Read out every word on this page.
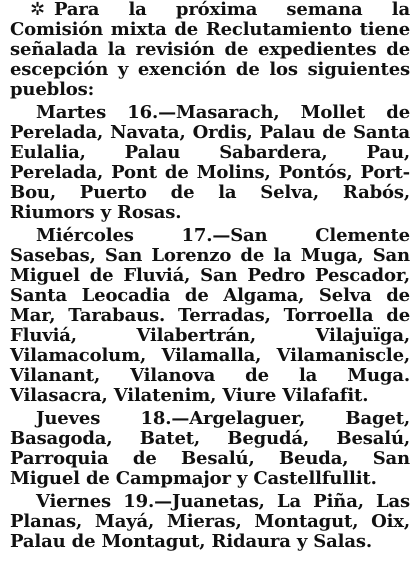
✲ Para la próxima semana la Comisión mixta de Reclutamiento tiene señalada la revisión de expedientes de escepción y exención de los siguientes pueblos:

Martes 16.—Masarach, Mollet de Perelada, Navata, Ordis, Palau de Santa Eulalia, Palau Sabardera, Pau, Perelada, Pont de Molins, Pontós, Port-Bou, Puerto de la Selva, Rabós, Riumors y Rosas.

Miércoles 17.—San Clemente Sasebas, San Lorenzo de la Muga, San Miguel de Fluviá, San Pedro Pescador, Santa Leocadia de Algama, Selva de Mar, Tarabaus. Terradas, Torroella de Fluviá, Vilabertrán, Vilajuïga, Vilamacolum, Vilamalla, Vilamaniscle, Vilanant, Vilanova de la Muga. Vilasacra, Vilatenim, Viure Vilafafit.

Jueves 18.—Argelaguer, Baget, Basagoda, Batet, Begudá, Besalú, Parroquia de Besalú, Beuda, San Miguel de Campmajor y Castellfullit.

Viernes 19.—Juanetas, La Piña, Las Planas, Mayá, Mieras, Montagut, Oix, Palau de Montagut, Ridaura y Salas.
